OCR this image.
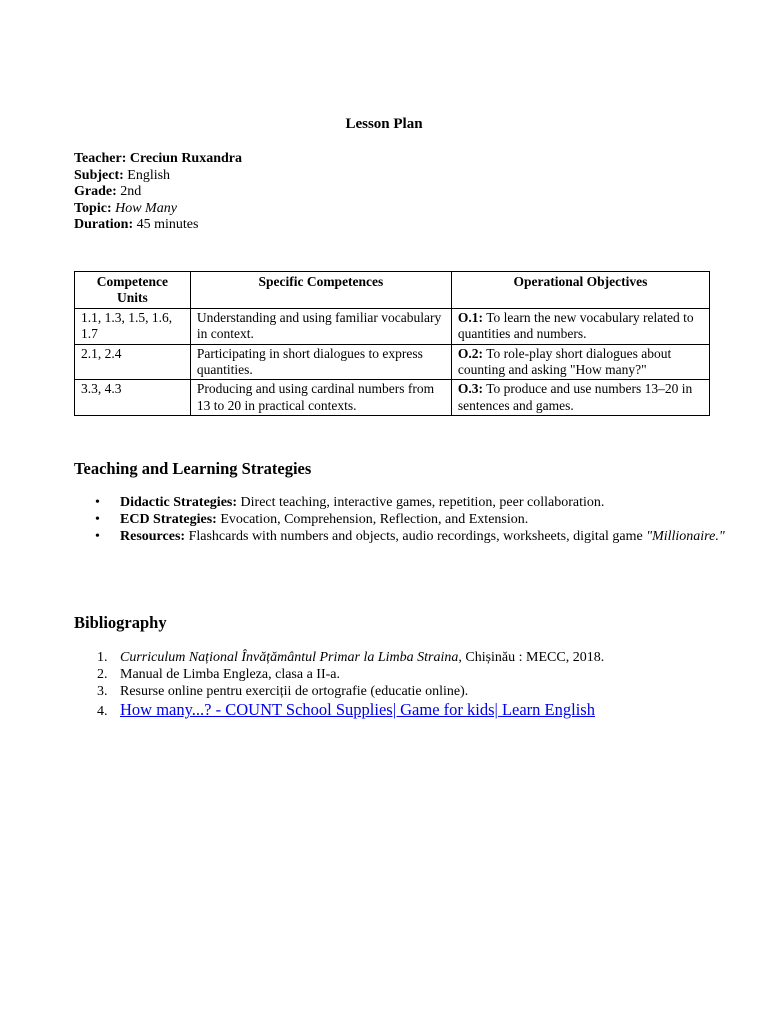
Lesson Plan
Teacher: Creciun Ruxandra
Subject: English
Grade: 2nd
Topic: How Many
Duration: 45 minutes
Competence Units	Specific Competences	Operational Objectives
1.1, 1.3, 1.5, 1.6, 1.7	Understanding and using familiar vocabulary in context.	O.1: To learn the new vocabulary related to quantities and numbers.
2.1, 2.4	Participating in short dialogues to express quantities.	O.2: To role-play short dialogues about counting and asking "How many?"
3.3, 4.3	Producing and using cardinal numbers from 13 to 20 in practical contexts.	O.3: To produce and use numbers 13–20 in sentences and games.
Teaching and Learning Strategies
• Didactic Strategies: Direct teaching, interactive games, repetition, peer collaboration.
• ECD Strategies: Evocation, Comprehension, Reflection, and Extension.
• Resources: Flashcards with numbers and objects, audio recordings, worksheets, digital game "Millionaire."
Bibliography
1. Curriculum Național Învățământul Primar la Limba Straina, Chișinău : MECC, 2018.
2. Manual de Limba Engleza, clasa a II-a.
3. Resurse online pentru exerciții de ortografie (educatie online).
4. How many...? - COUNT School Supplies| Game for kids| Learn English
